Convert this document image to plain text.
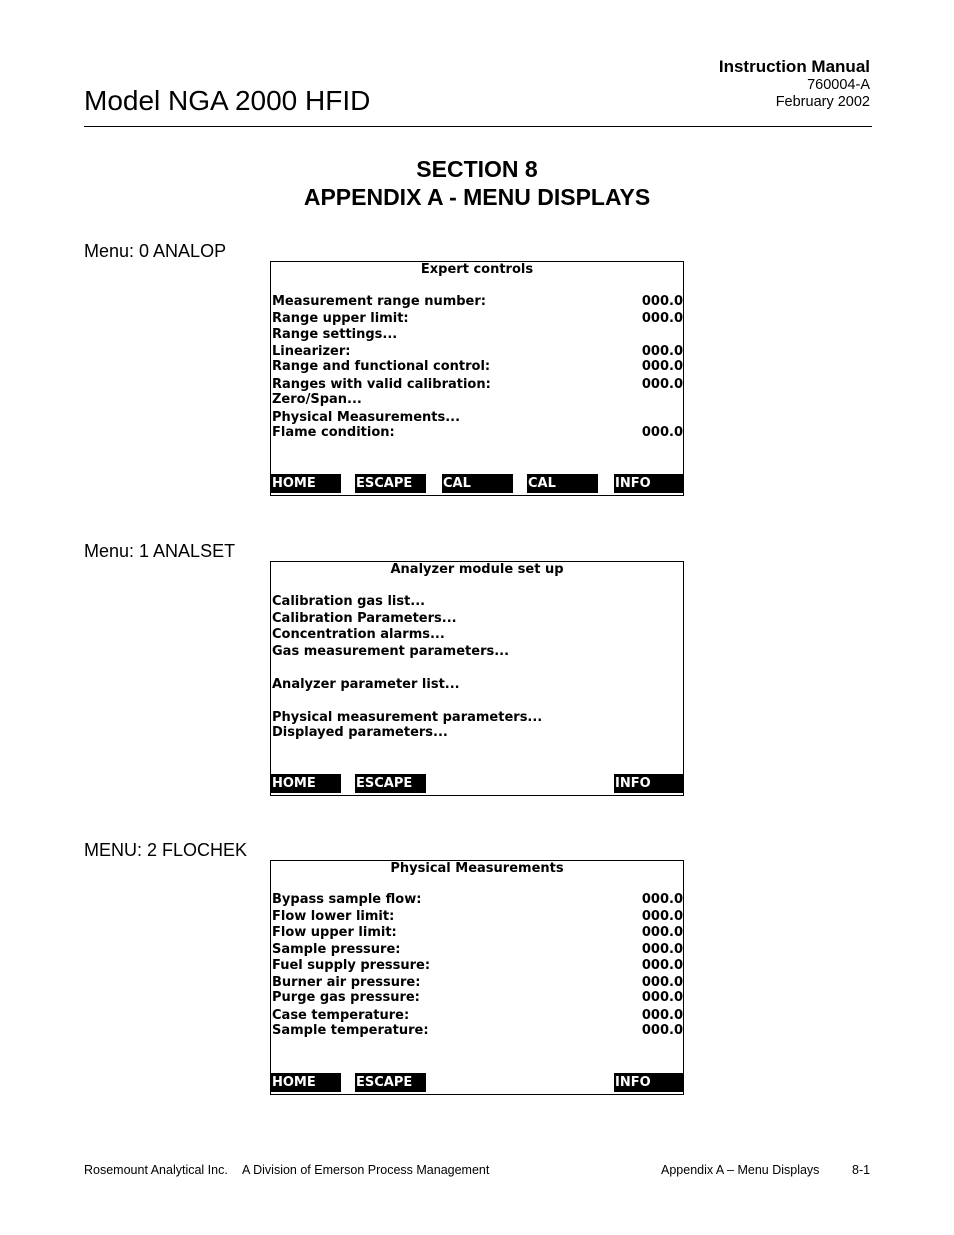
Instruction Manual
760004-A
February 2002
Model NGA 2000 HFID
SECTION 8
APPENDIX A - MENU DISPLAYS
Menu: 0 ANALOP
Expert controls
Measurement range number:	000.0
Range upper limit:	000.0
Range settings...
Linearizer:	000.0
Range and functional control:	000.0
Ranges with valid calibration:	000.0
Zero/Span...
Physical Measurements...
Flame condition:	000.0
HOME	ESCAPE	CAL	CAL DATA
INFO
Menu: 1 ANALSET
Analyzer module set up
Calibration gas list...
Calibration Parameters...
Concentration alarms...
Gas measurement parameters...
Analyzer parameter list...
Physical measurement parameters...
Displayed parameters...
HOME	ESCAPE	INFO
MENU: 2 FLOCHEK
Physical Measurements
Bypass sample flow:	000.0
Flow lower limit:	000.0
Flow upper limit:	000.0
Sample pressure:	000.0
Fuel supply pressure:	000.0
Burner air pressure:	000.0
Purge gas pressure:	000.0
Case temperature:	000.0
Sample temperature:	000.0
HOME	ESCAPE	INFO
Rosemount Analytical Inc. A Division of Emerson Process Management	Appendix A – Menu Displays	8-1
